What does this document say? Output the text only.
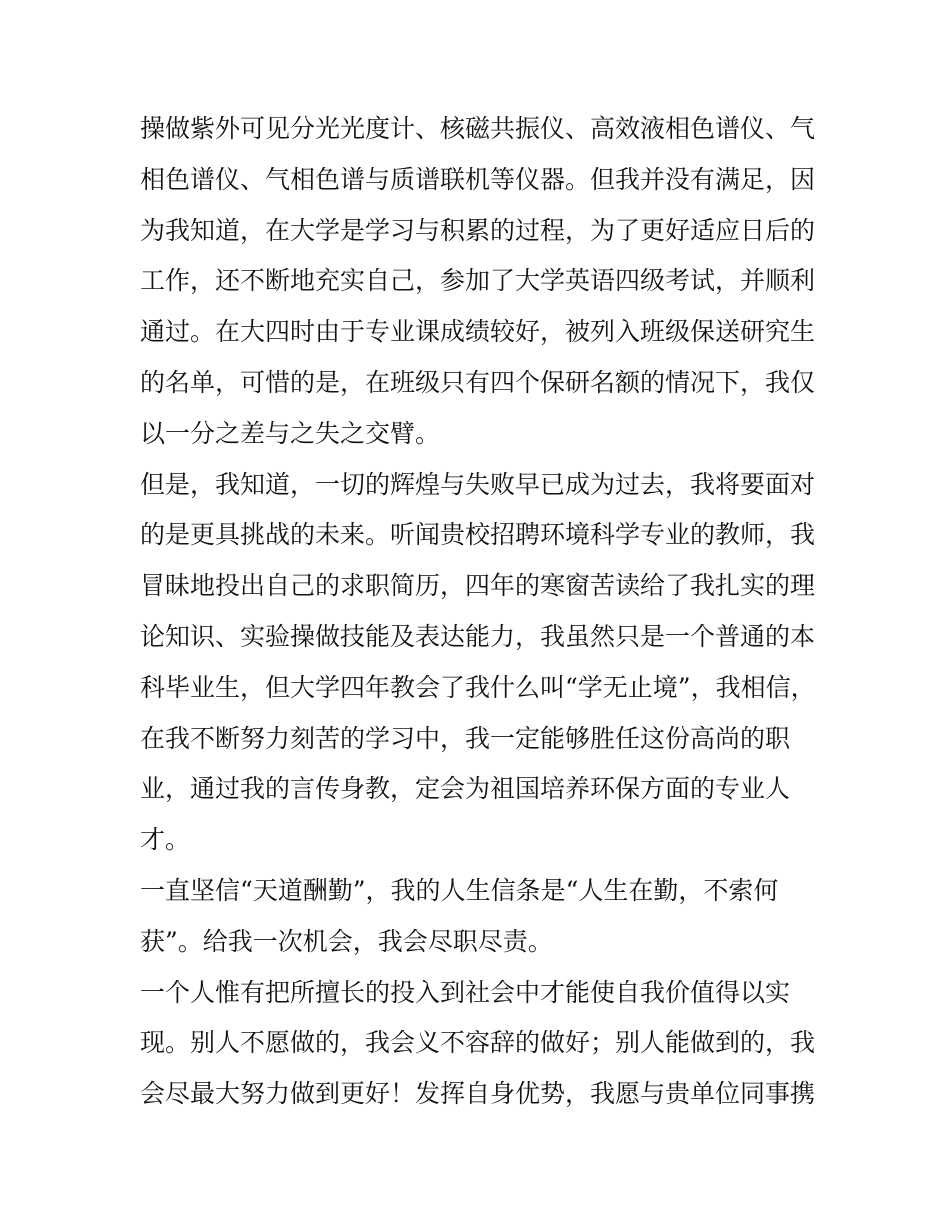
操做紫外可见分光光度计、核磁共振仪、高效液相色谱仪、气
相色谱仪、气相色谱与质谱联机等仪器。但我并没有满足，因
为我知道，在大学是学习与积累的过程，为了更好适应日后的
工作，还不断地充实自己，参加了大学英语四级考试，并顺利
通过。在大四时由于专业课成绩较好，被列入班级保送研究生
的名单，可惜的是，在班级只有四个保研名额的情况下，我仅
以一分之差与之失之交臂。
但是，我知道，一切的辉煌与失败早已成为过去，我将要面对
的是更具挑战的未来。听闻贵校招聘环境科学专业的教师，我
冒昧地投出自己的求职简历，四年的寒窗苦读给了我扎实的理
论知识、实验操做技能及表达能力，我虽然只是一个普通的本
科毕业生，但大学四年教会了我什么叫“学无止境”，我相信，
在我不断努力刻苦的学习中，我一定能够胜任这份高尚的职
业，通过我的言传身教，定会为祖国培养环保方面的专业人
才。
一直坚信“天道酬勤”，我的人生信条是“人生在勤，不索何
获”。给我一次机会，我会尽职尽责。
一个人惟有把所擅长的投入到社会中才能使自我价值得以实
现。别人不愿做的，我会义不容辞的做好；别人能做到的，我
会尽最大努力做到更好！发挥自身优势，我愿与贵单位同事携
